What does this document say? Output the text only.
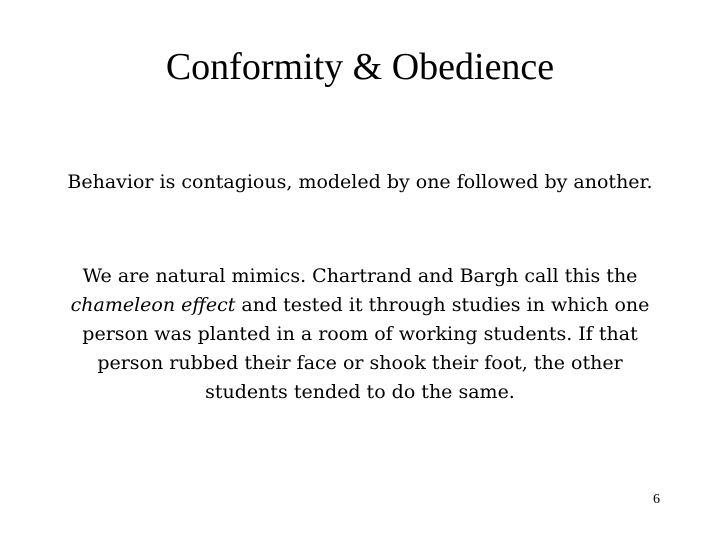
Conformity & Obedience

Behavior is contagious, modeled by one followed by another.

We are natural mimics. Chartrand and Bargh call this the chameleon effect and tested it through studies in which one person was planted in a room of working students. If that person rubbed their face or shook their foot, the other students tended to do the same.

6
